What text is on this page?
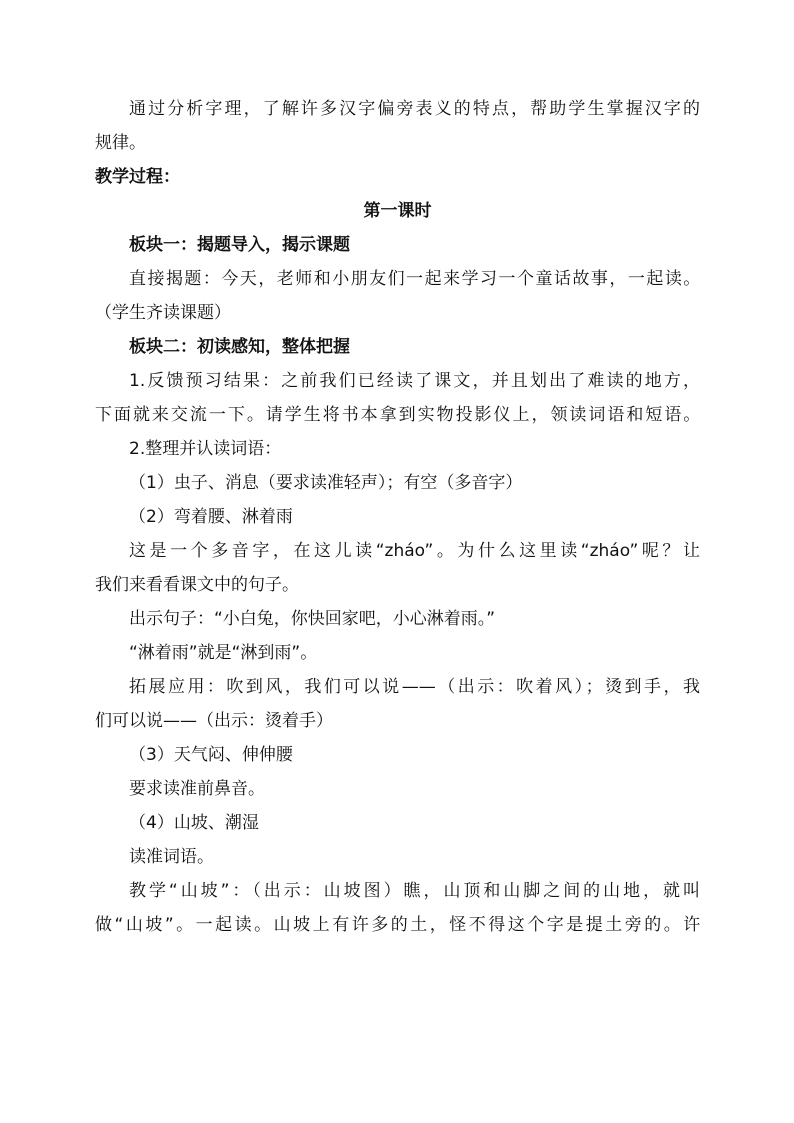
通过分析字理，了解许多汉字偏旁表义的特点，帮助学生掌握汉字的
规律。
教学过程：
第一课时
板块一：揭题导入，揭示课题
直接揭题：今天，老师和小朋友们一起来学习一个童话故事，一起读。
（学生齐读课题）
板块二：初读感知，整体把握
1.反馈预习结果：之前我们已经读了课文，并且划出了难读的地方，
下面就来交流一下。请学生将书本拿到实物投影仪上，领读词语和短语。
2.整理并认读词语：
（1）虫子、消息（要求读准轻声）；有空（多音字）
（2）弯着腰、淋着雨
这是一个多音字，在这儿读“zháo”。为什么这里读“zháo”呢？让
我们来看看课文中的句子。
出示句子：“小白兔，你快回家吧，小心淋着雨。”
“淋着雨”就是“淋到雨”。
拓展应用：吹到风，我们可以说——（出示：吹着风）；烫到手，我
们可以说——（出示：烫着手）
（3）天气闷、伸伸腰
要求读准前鼻音。
（4）山坡、潮湿
读准词语。
教学“山坡”：（出示：山坡图）瞧，山顶和山脚之间的山地，就叫
做“山坡”。一起读。山坡上有许多的土，怪不得这个字是提土旁的。许
